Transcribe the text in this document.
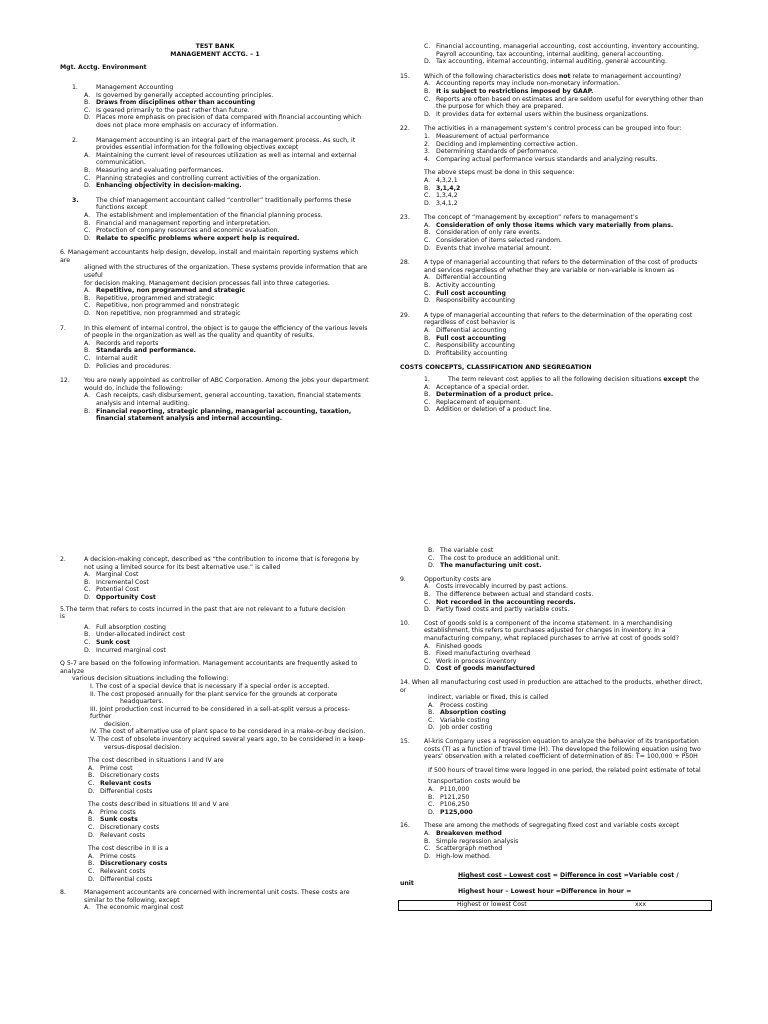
TEST BANK
MANAGEMENT ACCTG. – 1
Mgt. Acctg. Environment
1.	Management Accounting
A. Is governed by generally accepted accounting principles.
B. Draws from disciplines other than accounting
C. Is geared primarily to the past rather than future.
D. Places more emphasis on precision of data compared with financial accounting which does not place more emphasis on accuracy of information.
2.	Management accounting is an integral part of the management process. As such, it provides essential information for the following objectives except
A. Maintaining the current level of resources utilization as well as internal and external communication.
B. Measuring and evaluating performances.
C. Planning strategies and controlling current activities of the organization.
D. Enhancing objectivity in decision-making.
3.	The chief management accountant called “controller” traditionally performs these functions except
A. The establishment and implementation of the financial planning process.
B. Financial and management reporting and interpretation.
C. Protection of company resources and economic evaluation.
D. Relate to specific problems where expert help is required.
6. Management accountants help design, develop, install and maintain reporting systems which are
aligned with the structures of the organization. These systems provide information that are useful
for decision making. Management decision processes fall into three categories.
A. Repetitive, non programmed and strategic
B. Repetitive, programmed and strategic
C. Repetitive, non programmed and nonstrategic
D. Non repetitive, non programmed and strategic
7.	In this element of internal control, the object is to gauge the efficiency of the various levels of people in the organization as well as the quality and quantity of results.
A. Records and reports
B. Standards and performance.
C. Internal audit
D. Policies and procedures.
12.	You are newly appointed as controller of ABC Corporation. Among the jobs your department would do, include the following:
A. Cash receipts, cash disbursement, general accounting, taxation, financial statements analysis and internal auditing.
B. Financial reporting, strategic planning, managerial accounting, taxation, financial statement analysis and internal accounting.
C. Financial accounting, managerial accounting, cost accounting, inventory accounting, Payroll accounting, tax accounting, internal auditing, general accounting.
D. Tax accounting, internal accounting, internal auditing, general accounting.
15.	Which of the following characteristics does not relate to management accounting?
A. Accounting reports may include non-monetary information.
B. It is subject to restrictions imposed by GAAP.
C. Reports are often based on estimates and are seldom useful for everything other than the purpose for which they are prepared.
D. It provides data for external users within the business organizations.
22.	The activities in a management system’s control process can be grouped into four:
1. Measurement of actual performance
2. Deciding and implementing corrective action.
3. Determining standards of performance.
4. Comparing actual performance versus standards and analyzing results.
The above steps must be done in this sequence:
A. 4,3,2,1
B. 3,1,4,2
C. 1,3,4,2
D. 3,4,1,2
23.	The concept of “management by exception” refers to management’s
A. Consideration of only those items which vary materially from plans.
B. Consideration of only rare events.
C. Consideration of items selected random.
D. Events that involve material amount.
28.	A type of managerial accounting that refers to the determination of the cost of products and services regardless of whether they are variable or non-variable is known as
A. Differential accounting
B. Activity accounting
C. Full cost accounting
D. Responsibility accounting
29.	A type of managerial accounting that refers to the determination of the operating cost regardless of cost behavior is
A. Differential accounting
B. Full cost accounting
C. Responsibility accounting
D. Profitability accounting
COSTS CONCEPTS, CLASSIFICATION AND SEGREGATION
1.	The term relevant cost applies to all the following decision situations except the
A. Acceptance of a special order.
B. Determination of a product price.
C. Replacement of equipment.
D. Addition or deletion of a product line.
2.	A decision-making concept, described as “the contribution to income that is foregone by not using a limited source for its best alternative use.” is called
A. Marginal Cost
B. Incremental Cost
C. Potential Cost
D. Opportunity Cost
5.The term that refers to costs incurred in the past that are not relevant to a future decision
is
A. Full absorption costing
B. Under-allocated indirect cost
C. Sunk cost
D. Incurred marginal cost
Q 5-7 are based on the following information. Management accountants are frequently asked to analyze
various decision situations including the following:
I. The cost of a special device that is necessary if a special order is accepted.
II. The cost proposed annually for the plant service for the grounds at corporate
headquarters.
III. Joint production cost incurred to be considered in a sell-at-split versus a process-further
decision.
IV. The cost of alternative use of plant space to be considered in a make-or-buy decision.
V. The cost of obsolete inventory acquired several years ago, to be considered in a keep-
versus-disposal decision.
The cost described in situations I and IV are
A. Prime cost
B. Discretionary costs
C. Relevant costs
D. Differential costs
The costs described in situations III and V are
A. Prime costs
B. Sunk costs
C. Discretionary costs
D. Relevant costs
The cost describe in II is a
A. Prime costs
B. Discretionary costs
C. Relevant costs
D. Differential costs
8.	Management accountants are concerned with incremental unit costs. These costs are similar to the following, except
A. The economic marginal cost
B. The variable cost
C. The cost to produce an additional unit.
D. The manufacturing unit cost.
9.	Opportunity costs are
A. Costs irrevocably incurred by past actions.
B. The difference between actual and standard costs.
C. Not recorded in the accounting records.
D. Partly fixed costs and partly variable costs.
10.	Cost of goods sold is a component of the income statement. In a merchandising establishment, this refers to purchases adjusted for changes in inventory. In a manufacturing company, what replaced purchases to arrive at cost of goods sold?
A. Finished goods
B. Fixed manufacturing overhead
C. Work in process inventory
D. Cost of goods manufactured
14. When all manufacturing cost used in production are attached to the products, whether direct, or
indirect, variable or fixed, this is called
A. Process costing
B. Absorption costing
C. Variable costing
D. Job order costing
15.	Al-kris Company uses a regression equation to analyze the behavior of its transportation costs (T) as a function of travel time (H). The developed the following equation using two years’ observation with a related coefficient of determination of 85: T= 100,000 + P50H
If 500 hours of travel time were logged in one period, the related point estimate of total
transportation costs would be
A. P110,000
B. P121,250
C. P106,250
D. P125,000
16.	These are among the methods of segregating fixed cost and variable costs except
A. Breakeven method
B. Simple regression analysis
C. Scattergraph method
D. High-low method.
Highest cost – Lowest cost = Difference in cost =Variable cost /
unit
Highest hour – Lowest hour =Difference in hour =
Highest or lowest Cost	xxx
